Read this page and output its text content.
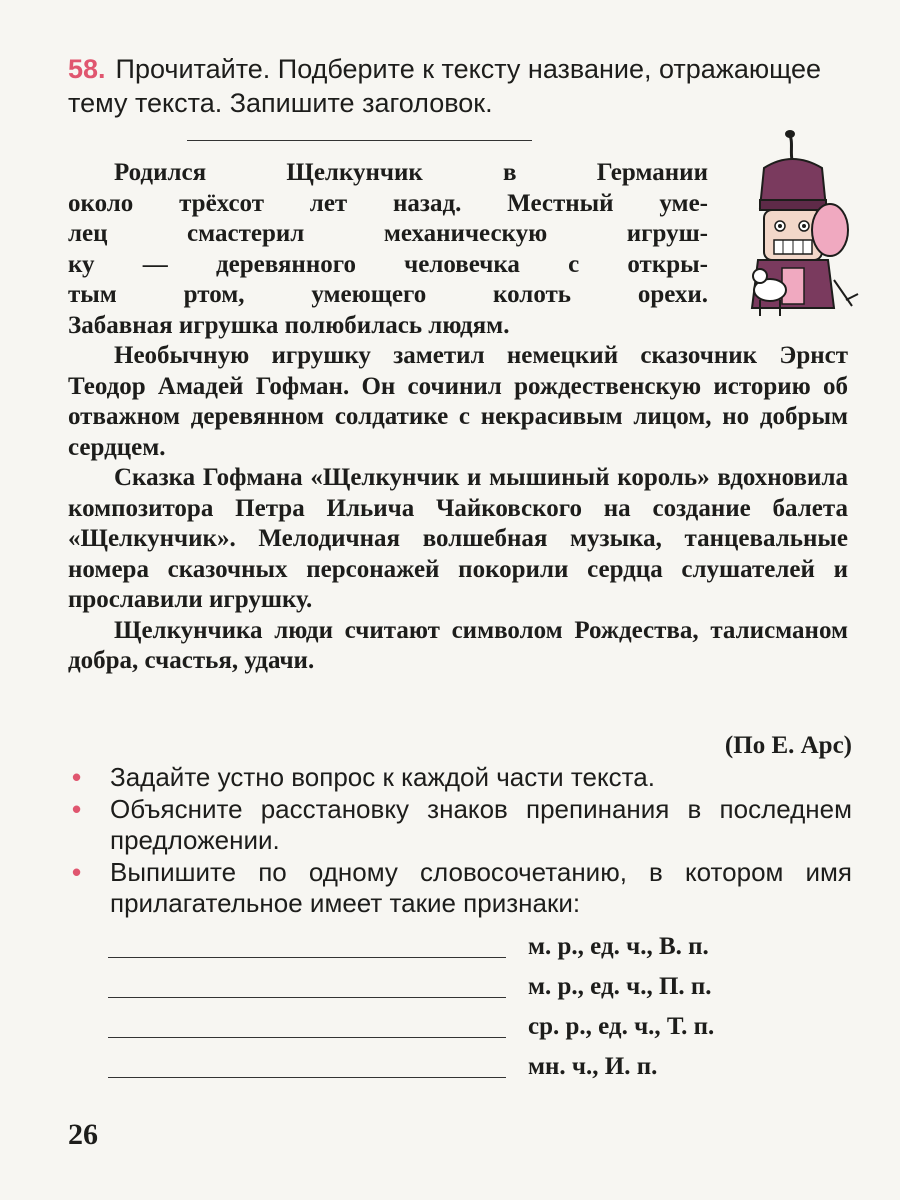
58. Прочитайте. Подберите к тексту название, отражающее тему текста. Запишите заголовок.

Родился Щелкунчик в Германии
около трёхсот лет назад. Местный уме-
лец смастерил механическую игруш-
ку — деревянного человечка с откры-
тым ртом, умеющего колоть орехи.
Забавная игрушка полюбилась людям.

Необычную игрушку заметил немецкий сказочник Эрнст Теодор Амадей Гофман. Он сочинил рождественскую историю об отважном деревянном солдатике с некрасивым лицом, но добрым сердцем.

Сказка Гофмана «Щелкунчик и мышиный король» вдохновила композитора Петра Ильича Чайковского на создание балета «Щелкунчик». Мелодичная волшебная музыка, танцевальные номера сказочных персонажей покорили сердца слушателей и прославили игрушку.

Щелкунчика люди считают символом Рождества, талисманом добра, счастья, удачи.

(По Е. Арс)
• Задайте устно вопрос к каждой части текста.
• Объясните расстановку знаков препинания в последнем предложении.
• Выпишите по одному словосочетанию, в котором имя прилагательное имеет такие признаки:
м. р., ед. ч., В. п.
м. р., ед. ч., П. п.
ср. р., ед. ч., Т. п.
мн. ч., И. п.
26
